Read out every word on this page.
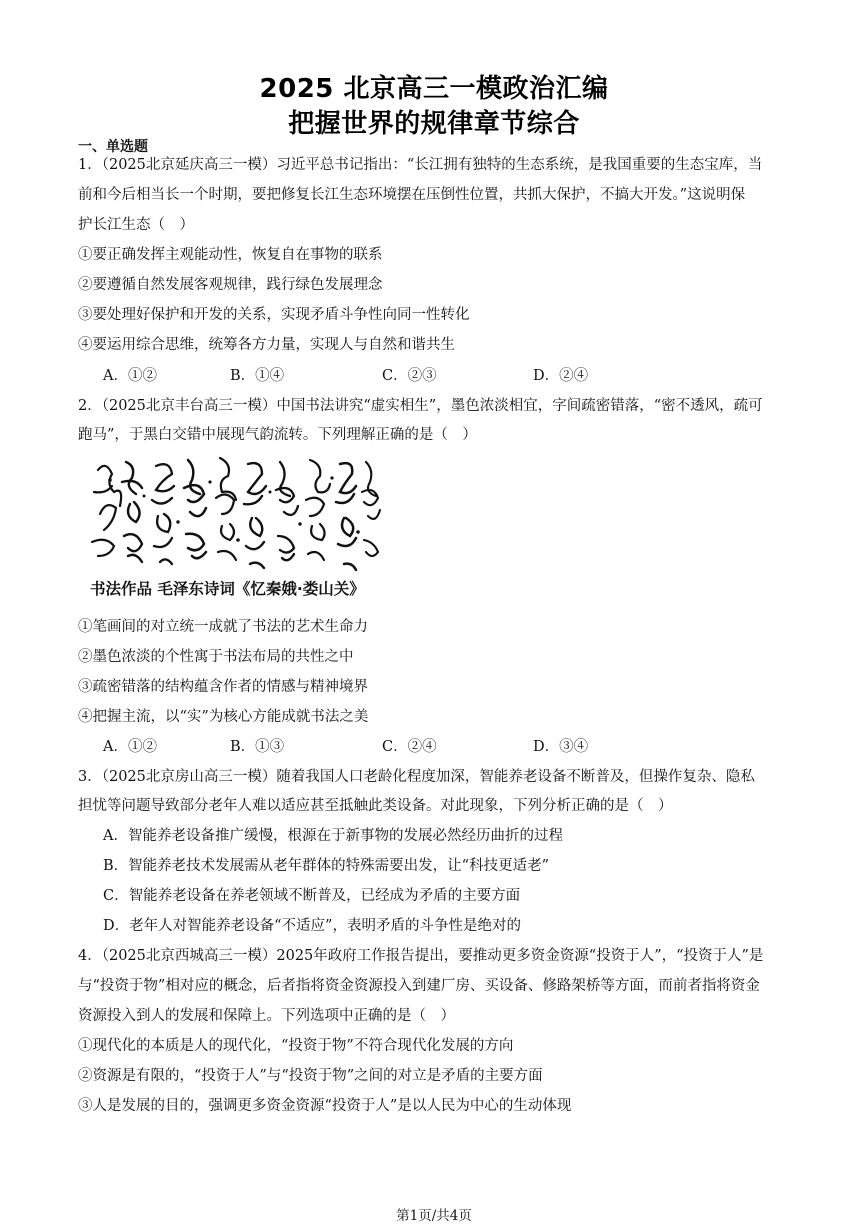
2025 北京高三一模政治汇编
把握世界的规律章节综合
一、单选题
1．（2025北京延庆高三一模）习近平总书记指出：“长江拥有独特的生态系统，是我国重要的生态宝库，当
前和今后相当长一个时期，要把修复长江生态环境摆在压倒性位置，共抓大保护，不搞大开发。”这说明保
护长江生态（　）
①要正确发挥主观能动性，恢复自在事物的联系
②要遵循自然发展客观规律，践行绿色发展理念
③要处理好保护和开发的关系，实现矛盾斗争性向同一性转化
④要运用综合思维，统筹各方力量，实现人与自然和谐共生
A．①②	B．①④	C．②③	D．②④
2．（2025北京丰台高三一模）中国书法讲究“虚实相生”，墨色浓淡相宜，字间疏密错落，“密不透风，疏可
跑马”，于黑白交错中展现气韵流转。下列理解正确的是（　）
书法作品 毛泽东诗词《忆秦娥·娄山关》
①笔画间的对立统一成就了书法的艺术生命力
②墨色浓淡的个性寓于书法布局的共性之中
③疏密错落的结构蕴含作者的情感与精神境界
④把握主流，以“实”为核心方能成就书法之美
A．①②	B．①③	C．②④	D．③④
3．（2025北京房山高三一模）随着我国人口老龄化程度加深，智能养老设备不断普及，但操作复杂、隐私
担忧等问题导致部分老年人难以适应甚至抵触此类设备。对此现象，下列分析正确的是（　）
A．智能养老设备推广缓慢，根源在于新事物的发展必然经历曲折的过程
B．智能养老技术发展需从老年群体的特殊需要出发，让“科技更适老”
C．智能养老设备在养老领域不断普及，已经成为矛盾的主要方面
D．老年人对智能养老设备“不适应”，表明矛盾的斗争性是绝对的
4．（2025北京西城高三一模）2025年政府工作报告提出，要推动更多资金资源“投资于人”，“投资于人”是
与“投资于物”相对应的概念，后者指将资金资源投入到建厂房、买设备、修路架桥等方面，而前者指将资金
资源投入到人的发展和保障上。下列选项中正确的是（　）
①现代化的本质是人的现代化，“投资于物”不符合现代化发展的方向
②资源是有限的，“投资于人”与“投资于物”之间的对立是矛盾的主要方面
③人是发展的目的，强调更多资金资源“投资于人”是以人民为中心的生动体现
第1页/共4页
